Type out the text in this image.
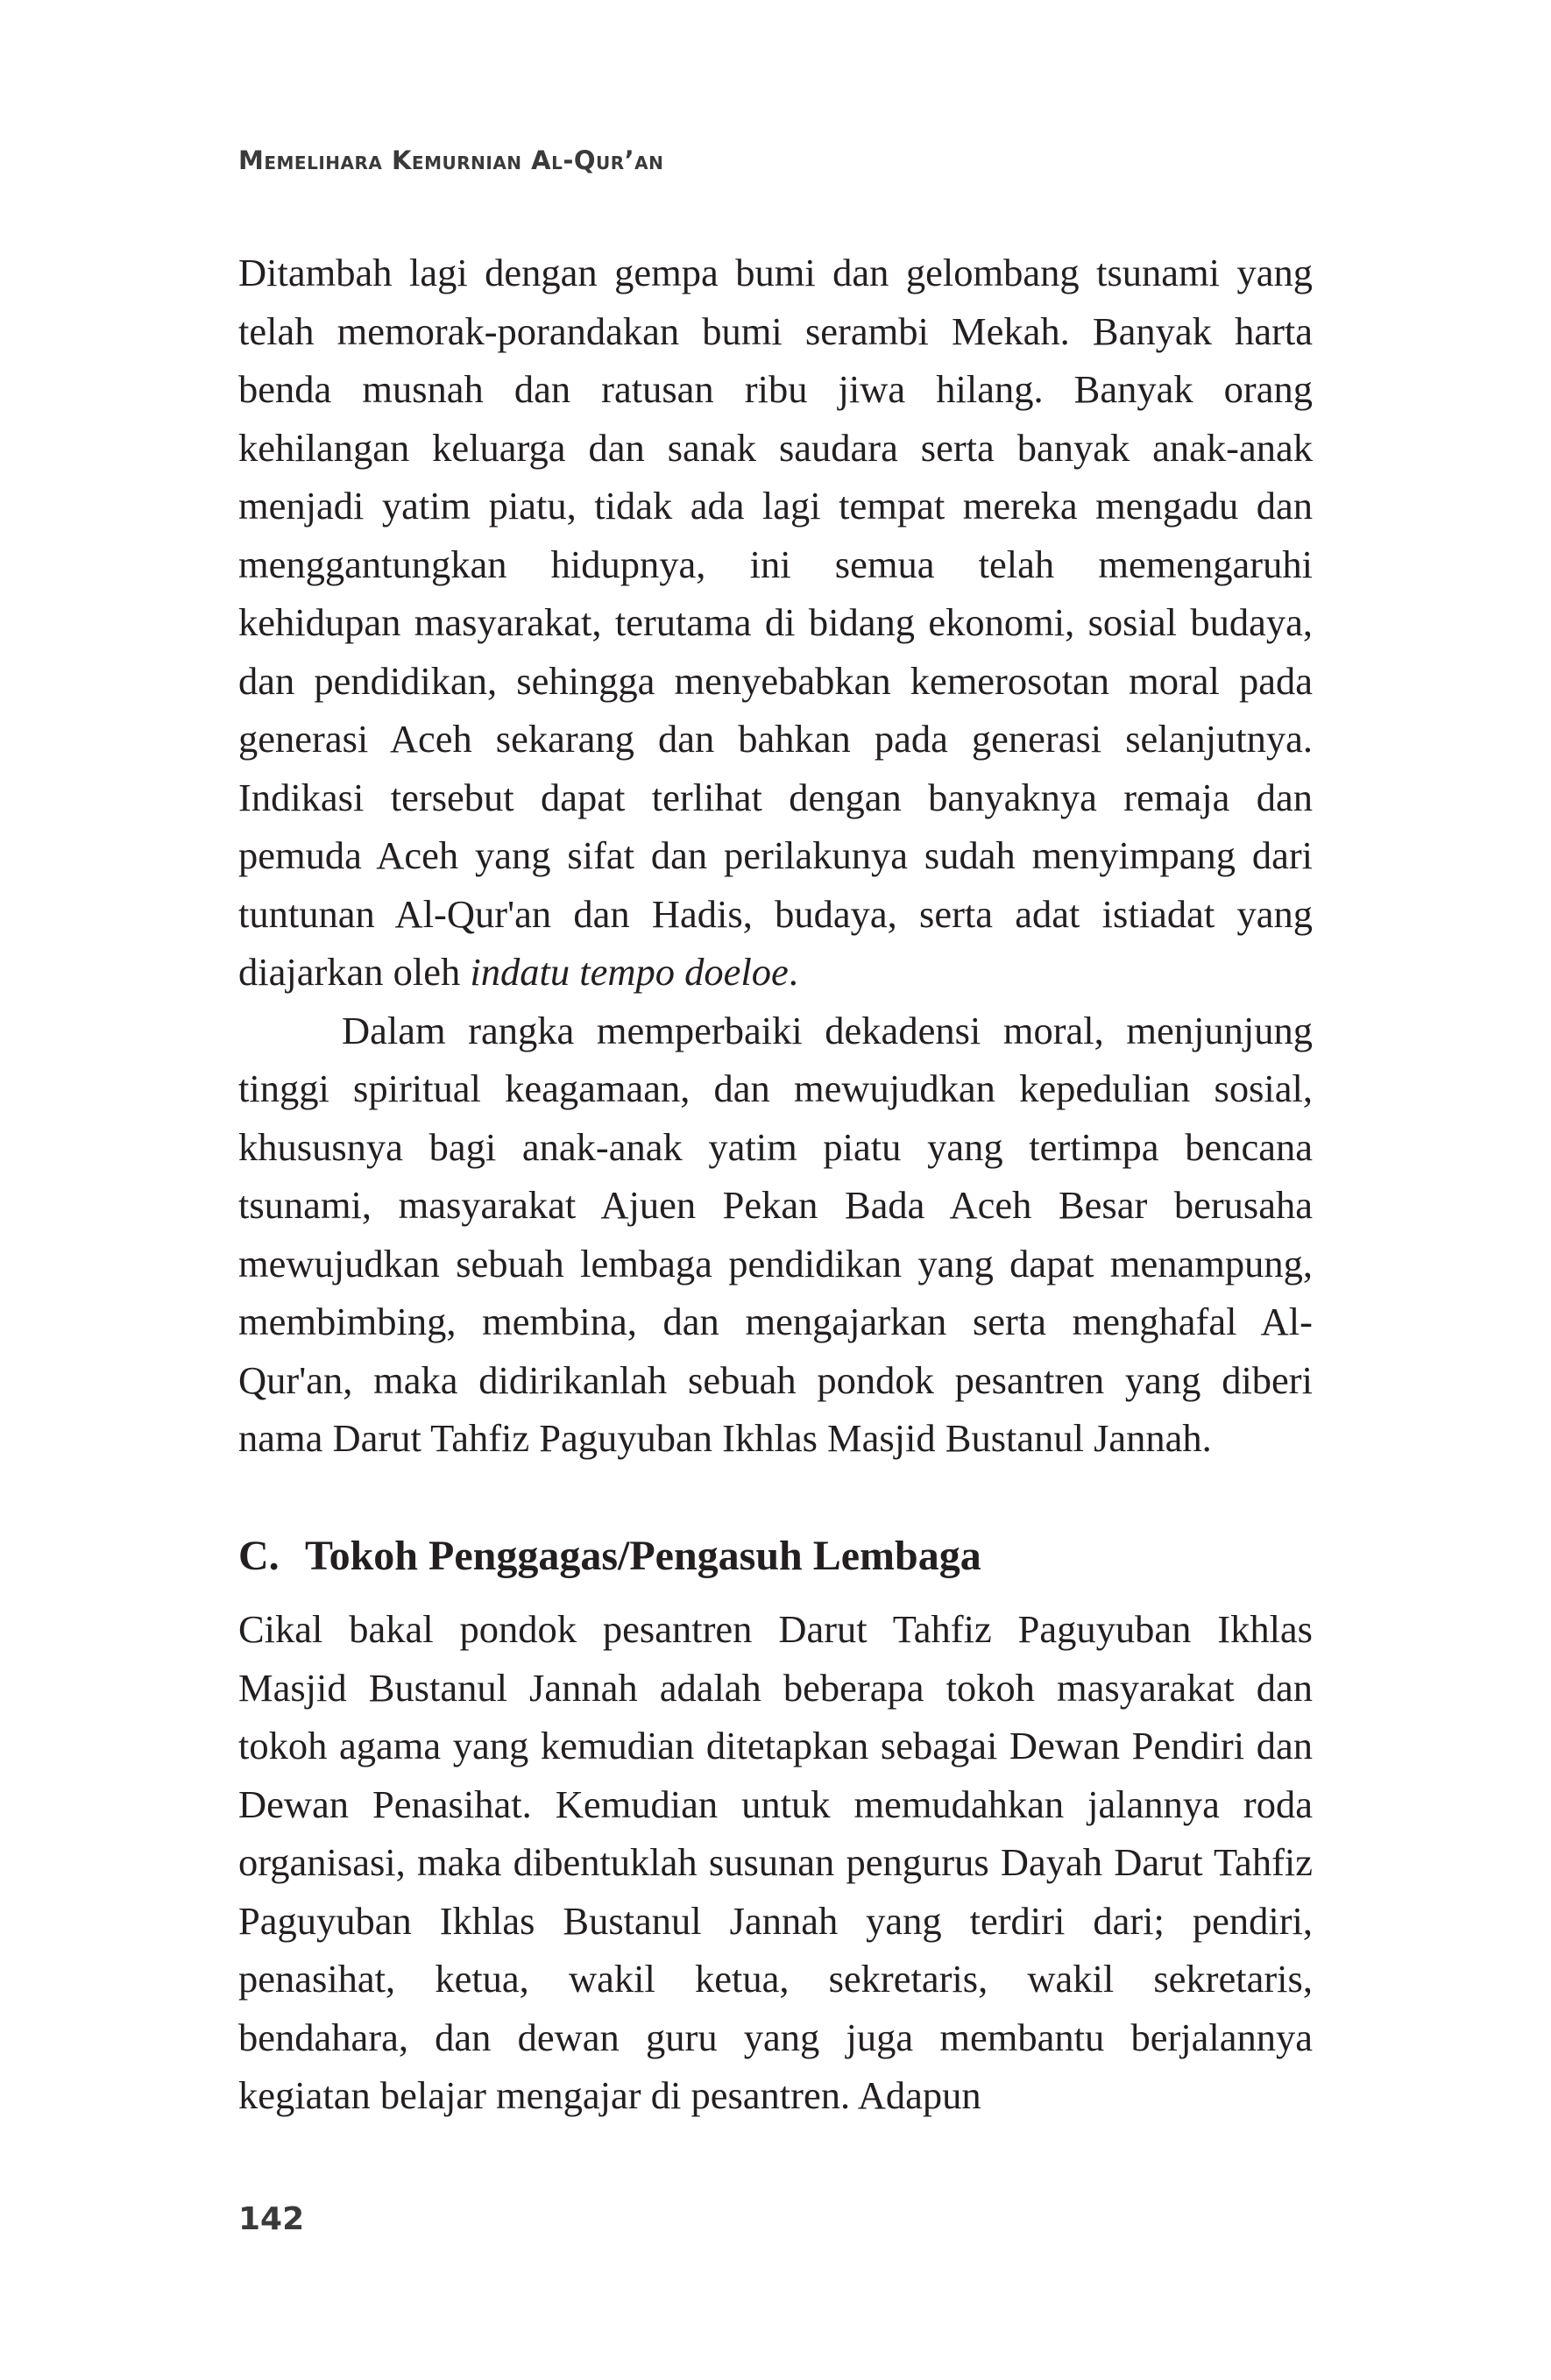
Memelihara Kemurnian Al-Qur’an

Ditambah lagi dengan gempa bumi dan gelombang tsunami yang telah memorak-porandakan bumi serambi Mekah. Banyak harta benda musnah dan ratusan ribu jiwa hilang. Banyak orang kehilangan keluarga dan sanak saudara serta banyak anak-anak menjadi yatim piatu, tidak ada lagi tempat mereka mengadu dan menggantungkan hidupnya, ini semua telah memengaruhi kehidupan masyarakat, terutama di bidang ekonomi, sosial budaya, dan pendidikan, sehingga menyebabkan kemerosotan moral pada generasi Aceh sekarang dan bahkan pada generasi selanjutnya. Indikasi tersebut dapat terlihat dengan banyaknya remaja dan pemuda Aceh yang sifat dan perilakunya sudah menyimpang dari tuntunan Al-Qur'an dan Hadis, budaya, serta adat istiadat yang diajarkan oleh indatu tempo doeloe.

Dalam rangka memperbaiki dekadensi moral, menjunjung tinggi spiritual keagamaan, dan mewujudkan kepedulian sosial, khususnya bagi anak-anak yatim piatu yang tertimpa bencana tsunami, masyarakat Ajuen Pekan Bada Aceh Besar berusaha mewujudkan sebuah lembaga pendidikan yang dapat menampung, membimbing, membina, dan mengajarkan serta menghafal Al-Qur'an, maka didirikanlah sebuah pondok pesantren yang diberi nama Darut Tahfiz Paguyuban Ikhlas Masjid Bustanul Jannah.

C. Tokoh Penggagas/Pengasuh Lembaga

Cikal bakal pondok pesantren Darut Tahfiz Paguyuban Ikhlas Masjid Bustanul Jannah adalah beberapa tokoh masyarakat dan tokoh agama yang kemudian ditetapkan sebagai Dewan Pendiri dan Dewan Penasihat. Kemudian untuk memudahkan jalannya roda organisasi, maka dibentuklah susunan pengurus Dayah Darut Tahfiz Paguyuban Ikhlas Bustanul Jannah yang terdiri dari; pendiri, penasihat, ketua, wakil ketua, sekretaris, wakil sekretaris, bendahara, dan dewan guru yang juga membantu berjalannya kegiatan belajar mengajar di pesantren. Adapun

142
